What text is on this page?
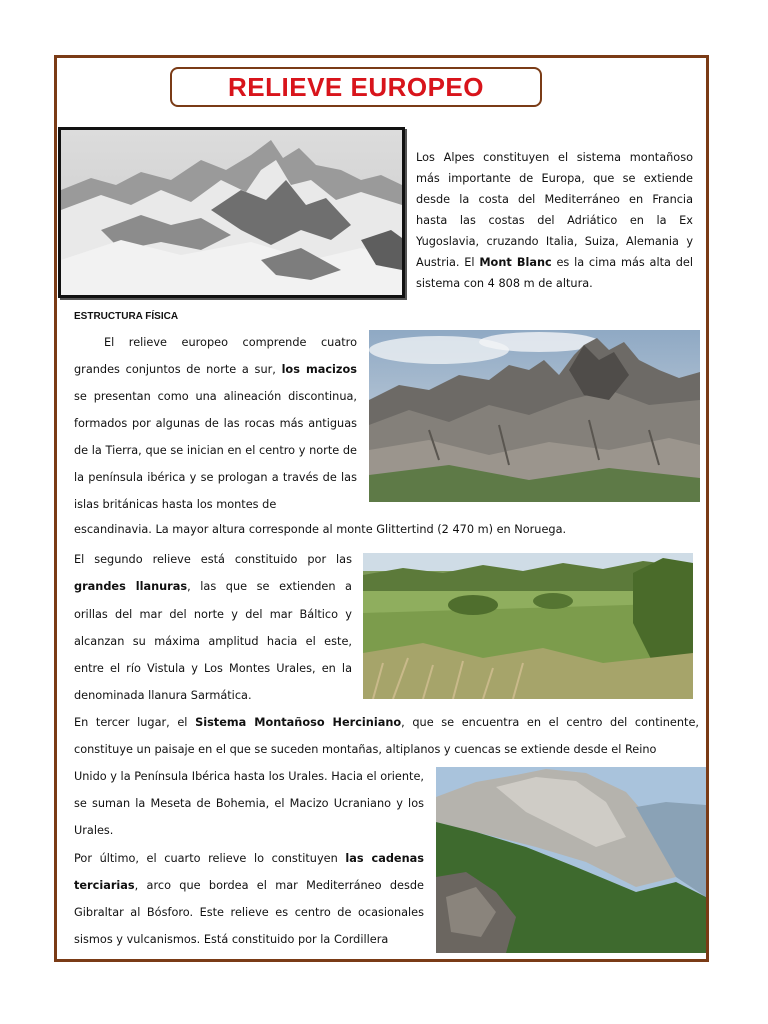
RELIEVE EUROPEO
Los Alpes constituyen el sistema montañoso más importante de Europa, que se extiende desde la costa del Mediterráneo en Francia hasta las costas del Adriático en la Ex Yugoslavia, cruzando Italia, Suiza, Alemania y Austria. El Mont Blanc es la cima más alta del sistema con 4 808 m de altura.
ESTRUCTURA FÍSICA
El relieve europeo comprende cuatro grandes conjuntos de norte a sur, los macizos se presentan como una alineación discontinua, formados por algunas de las rocas más antiguas de la Tierra, que se inician en el centro y norte de la península ibérica y se prologan a través de las islas británicas hasta los montes de
escandinavia. La mayor altura corresponde al monte Glittertind (2 470 m) en Noruega.
El segundo relieve está constituido por las grandes llanuras, las que se extienden a orillas del mar del norte y del mar Báltico y alcanzan su máxima amplitud hacia el este, entre el río Vistula y Los Montes Urales, en la denominada llanura Sarmática.
En tercer lugar, el Sistema Montañoso Herciniano, que se encuentra en el centro del continente, constituye un paisaje en el que se suceden montañas, altiplanos y cuencas se extiende desde el Reino
Unido y la Península Ibérica hasta los Urales. Hacia el oriente, se suman la Meseta de Bohemia, el Macizo Ucraniano y los Urales.
Por último, el cuarto relieve lo constituyen las cadenas terciarias, arco que bordea el mar Mediterráneo desde Gibraltar al Bósforo. Este relieve es centro de ocasionales sismos y vulcanismos. Está constituido por la Cordillera
